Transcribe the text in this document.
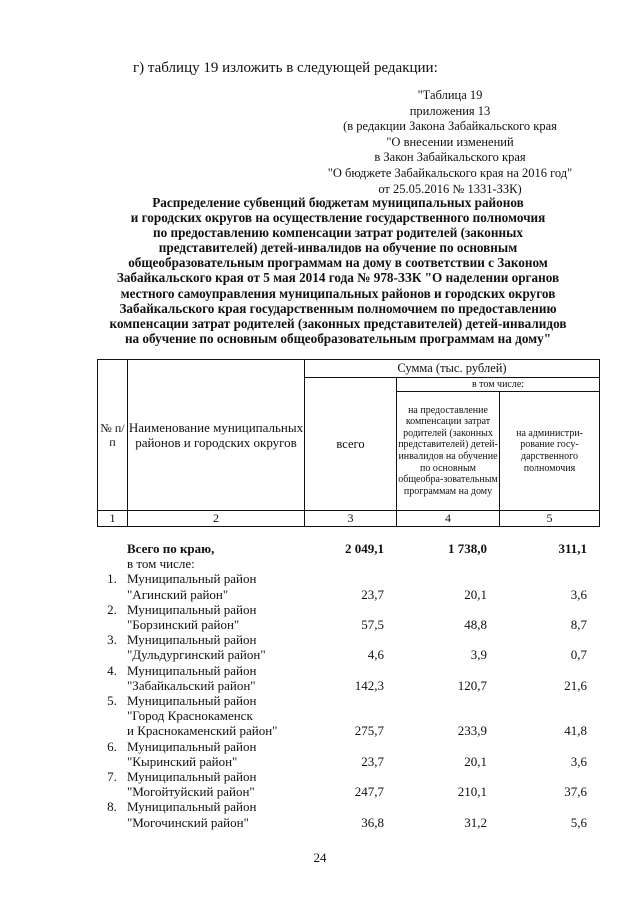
г) таблицу 19 изложить в следующей редакции:
"Таблица 19
приложения 13
(в редакции Закона Забайкальского края
"О внесении изменений
в Закон Забайкальского края
"О бюджете Забайкальского края на 2016 год"
от 25.05.2016 № 1331-ЗЗК)
Распределение субвенций бюджетам муниципальных районов
и городских округов на осуществление государственного полномочия
по предоставлению компенсации затрат родителей (законных
представителей) детей-инвалидов на обучение по основным
общеобразовательным программам на дому в соответствии с Законом
Забайкальского края от 5 мая 2014 года № 978-ЗЗК "О наделении органов
местного самоуправления муниципальных районов и городских округов
Забайкальского края государственным полномочием по предоставлению
компенсации затрат родителей (законных представителей) детей-инвалидов
на обучение по основным общеобразовательным программам на дому"
№ п/п	Наименование муниципальных районов и городских округов	Сумма (тыс. рублей)		
		всего	в том числе:	
			на предоставление компенсации затрат родителей (законных представителей) детей-инвалидов на обучение по основным общеобра-зовательным программам на дому	на администри-рование госу-дарственного полномочия
1	2	3	4	5
	Всего по краю,	2 049,1	1 738,0	311,1
	в том числе:			
1.	Муниципальный район
"Агинский район"	23,7	20,1	3,6
2.	Муниципальный район
"Борзинский район"	57,5	48,8	8,7
3.	Муниципальный район
"Дульдургинский район"	4,6	3,9	0,7
4.	Муниципальный район
"Забайкальский район"	142,3	120,7	21,6
5.	Муниципальный район
"Город Краснокаменск
и Краснокаменский район"	275,7	233,9	41,8
6.	Муниципальный район
"Кыринский район"	23,7	20,1	3,6
7.	Муниципальный район
"Могойтуйский район"	247,7	210,1	37,6
8.	Муниципальный район
"Могочинский район"	36,8	31,2	5,6
24
